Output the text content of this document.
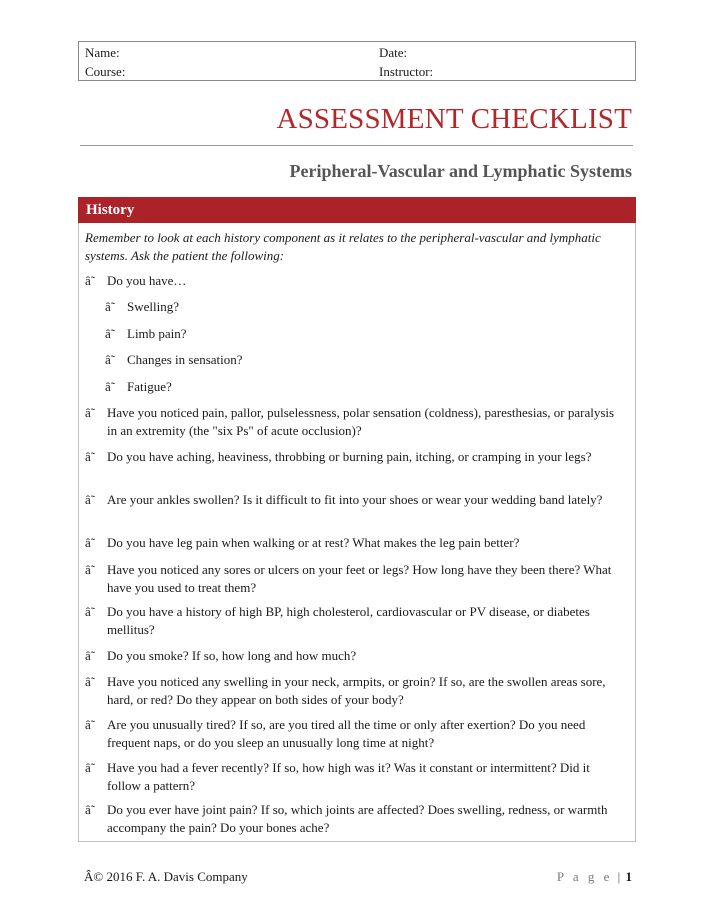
Name:	Date:
Course:	Instructor:
ASSESSMENT CHECKLIST
Peripheral-Vascular and Lymphatic Systems
History
Remember to look at each history component as it relates to the peripheral-vascular and lymphatic systems. Ask the patient the following:
â˜ Do you have…
â˜ Swelling?
â˜ Limb pain?
â˜ Changes in sensation?
â˜ Fatigue?
â˜ Have you noticed pain, pallor, pulselessness, polar sensation (coldness), paresthesias, or paralysis in an extremity (the "six Ps" of acute occlusion)?
â˜ Do you have aching, heaviness, throbbing or burning pain, itching, or cramping in your legs?
â˜ Are your ankles swollen? Is it difficult to fit into your shoes or wear your wedding band lately?
â˜ Do you have leg pain when walking or at rest? What makes the leg pain better?
â˜ Have you noticed any sores or ulcers on your feet or legs? How long have they been there? What have you used to treat them?
â˜ Do you have a history of high BP, high cholesterol, cardiovascular or PV disease, or diabetes mellitus?
â˜ Do you smoke? If so, how long and how much?
â˜ Have you noticed any swelling in your neck, armpits, or groin? If so, are the swollen areas sore, hard, or red? Do they appear on both sides of your body?
â˜ Are you unusually tired? If so, are you tired all the time or only after exertion? Do you need frequent naps, or do you sleep an unusually long time at night?
â˜ Have you had a fever recently? If so, how high was it? Was it constant or intermittent? Did it follow a pattern?
â˜ Do you ever have joint pain? If so, which joints are affected? Does swelling, redness, or warmth accompany the pain? Do your bones ache?
Â© 2016 F. A. Davis Company	P a g e | 1
